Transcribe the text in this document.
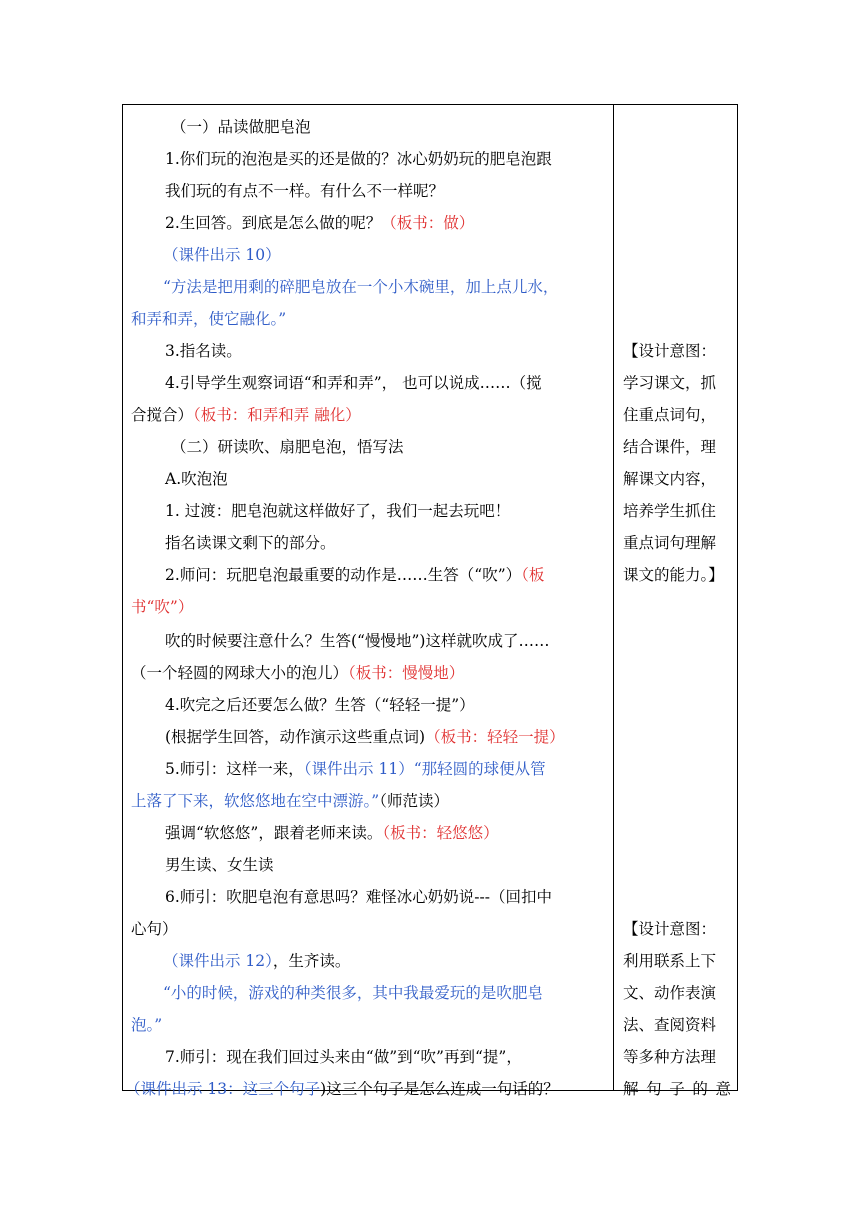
（一）品读做肥皂泡
1.你们玩的泡泡是买的还是做的？冰心奶奶玩的肥皂泡跟
我们玩的有点不一样。有什么不一样呢？
2.生回答。到底是怎么做的呢？（板书：做）
（课件出示 10）
“方法是把用剩的碎肥皂放在一个小木碗里，加上点儿水，
和弄和弄，使它融化。”
3.指名读。
4.引导学生观察词语“和弄和弄”， 也可以说成……（搅
合搅合）（板书：和弄和弄 融化）
（二）研读吹、扇肥皂泡，悟写法
A.吹泡泡
1. 过渡：肥皂泡就这样做好了，我们一起去玩吧！
指名读课文剩下的部分。
2.师问：玩肥皂泡最重要的动作是……生答（“吹”）（板
书“吹”）
吹的时候要注意什么？生答(“慢慢地”)这样就吹成了……
（一个轻圆的网球大小的泡儿）（板书：慢慢地）
4.吹完之后还要怎么做？生答（“轻轻一提”）
(根据学生回答，动作演示这些重点词)（板书：轻轻一提）
5.师引：这样一来，（课件出示 11）“那轻圆的球便从管
上落了下来，软悠悠地在空中漂游。”（师范读）
强调“软悠悠”，跟着老师来读。（板书：轻悠悠）
男生读、女生读
6.师引：吹肥皂泡有意思吗？难怪冰心奶奶说---（回扣中
心句）
（课件出示 12），生齐读。
“小的时候，游戏的种类很多，其中我最爱玩的是吹肥皂
泡。”
7.师引：现在我们回过头来由“做”到“吹”再到“提”，
（课件出示 13：这三个句子)这三个句子是怎么连成一句话的？
【设计意图：
学习课文，抓
住重点词句，
结合课件，理
解课文内容，
培养学生抓住
重点词句理解
课文的能力。】
【设计意图：
利用联系上下
文、动作表演
法、查阅资料
等多种方法理
解 句 子 的 意
